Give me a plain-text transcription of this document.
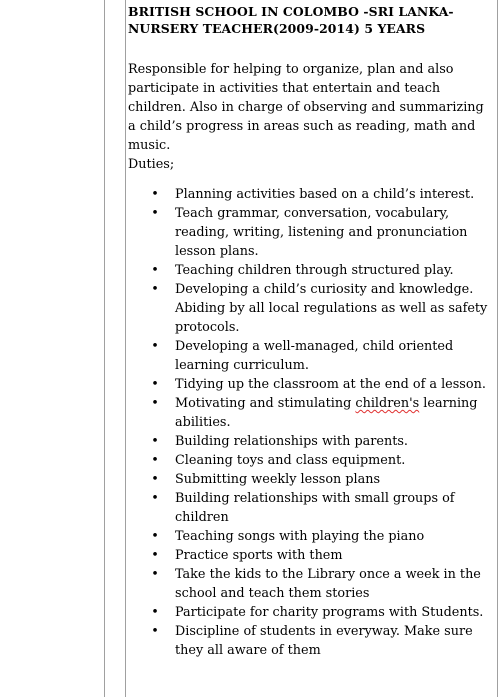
BRITISH SCHOOL IN COLOMBO -SRI LANKA-
NURSERY TEACHER(2009-2014) 5 YEARS

Responsible for helping to organize, plan and also participate in activities that entertain and teach children. Also in charge of observing and summarizing a child’s progress in areas such as reading, math and music.

Duties;

• Planning activities based on a child’s interest.
• Teach grammar, conversation, vocabulary, reading, writing, listening and pronunciation lesson plans.
• Teaching children through structured play.
• Developing a child’s curiosity and knowledge. Abiding by all local regulations as well as safety protocols.
• Developing a well-managed, child oriented learning curriculum.
• Tidying up the classroom at the end of a lesson.
• Motivating and stimulating children's learning abilities.
• Building relationships with parents.
• Cleaning toys and class equipment.
• Submitting weekly lesson plans
• Building relationships with small groups of children
• Teaching songs with playing the piano
• Practice sports with them
• Take the kids to the Library once a week in the school and teach them stories
• Participate for charity programs with Students.
• Discipline of students in everyway. Make sure they all aware of them
